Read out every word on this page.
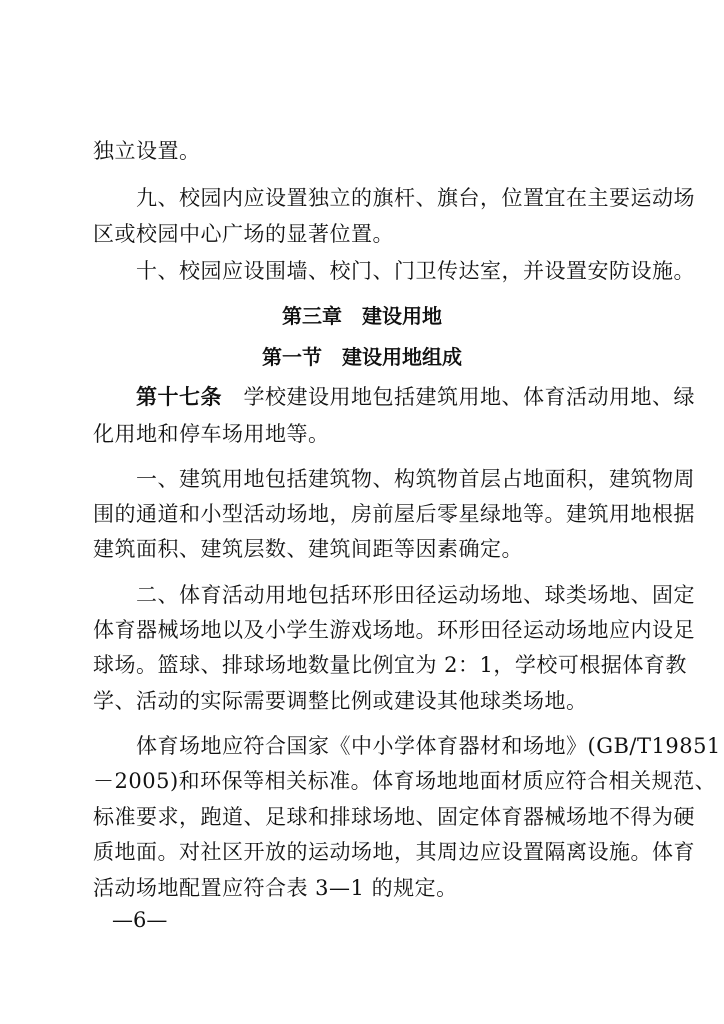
独立设置。
九、校园内应设置独立的旗杆、旗台，位置宜在主要运动场
区或校园中心广场的显著位置。
十、校园应设围墙、校门、门卫传达室，并设置安防设施。
第三章　建设用地
第一节　建设用地组成
第十七条　学校建设用地包括建筑用地、体育活动用地、绿
化用地和停车场用地等。
一、建筑用地包括建筑物、构筑物首层占地面积，建筑物周
围的通道和小型活动场地，房前屋后零星绿地等。建筑用地根据
建筑面积、建筑层数、建筑间距等因素确定。
二、体育活动用地包括环形田径运动场地、球类场地、固定
体育器械场地以及小学生游戏场地。环形田径运动场地应内设足
球场。篮球、排球场地数量比例宜为 2：1，学校可根据体育教
学、活动的实际需要调整比例或建设其他球类场地。
体育场地应符合国家《中小学体育器材和场地》(GB/T19851
－2005)和环保等相关标准。体育场地地面材质应符合相关规范、
标准要求，跑道、足球和排球场地、固定体育器械场地不得为硬
质地面。对社区开放的运动场地，其周边应设置隔离设施。体育
活动场地配置应符合表 3—1 的规定。
—6—
